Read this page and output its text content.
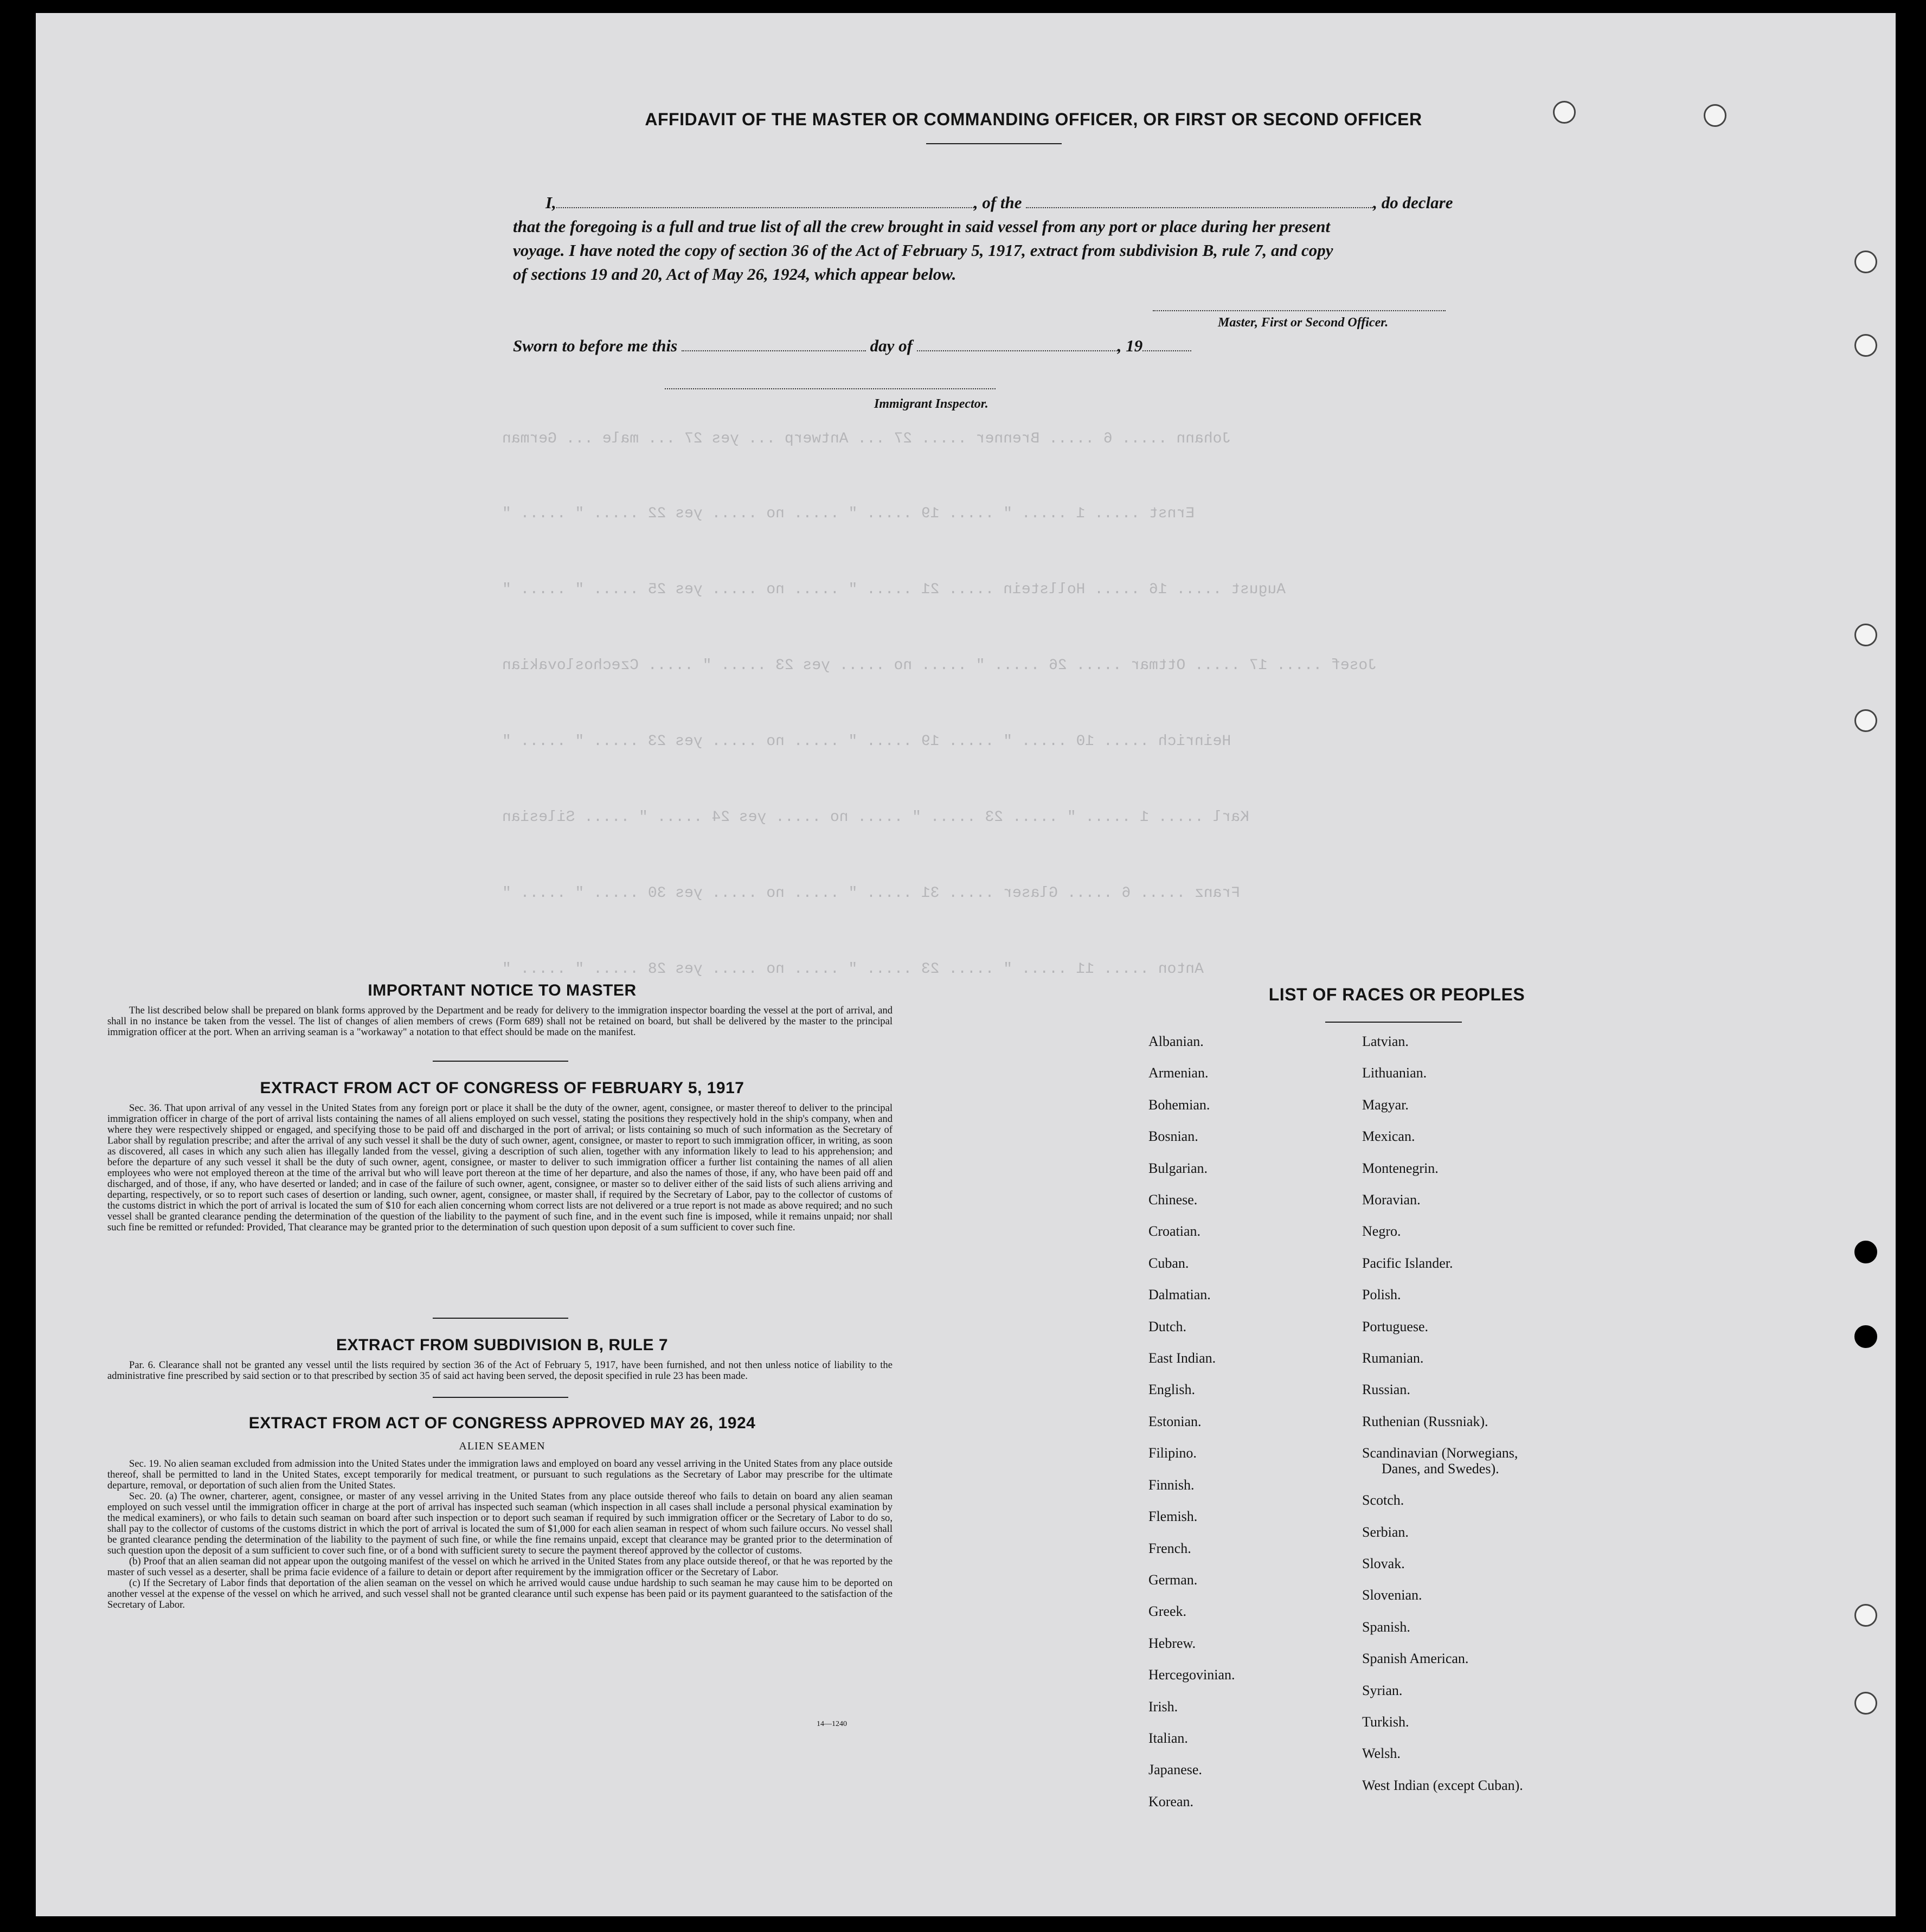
Johann ..... 6 ..... Brenner ..... 27 ... Antwerp ... yes 27 ... male ... German
Ernst ..... 1 ..... " ..... 19 ..... " ..... no ..... yes 22 ..... " ..... "
August ..... 16 ..... Hollstein ..... 21 ..... " ..... no ..... yes 25 ..... " ..... "
Josef ..... 17 ..... Ottmar ..... 26 ..... " ..... no ..... yes 23 ..... " ..... Czechoslovakian
Heinrich ..... 10 ..... " ..... 19 ..... " ..... no ..... yes 23 ..... " ..... "
Karl ..... 1 ..... " ..... 23 ..... " ..... no ..... yes 24 ..... " ..... Silesian
Franz ..... 6 ..... Glaser ..... 31 ..... " ..... no ..... yes 30 ..... " ..... "
Anton ..... 11 ..... " ..... 23 ..... " ..... no ..... yes 28 ..... " ..... "
AFFIDAVIT OF THE MASTER OR COMMANDING OFFICER, OR FIRST OR SECOND OFFICER
I,	, of the	, do declare
that the foregoing is a full and true list of all the crew brought in said vessel from any port or place during her present
voyage. I have noted the copy of section 36 of the Act of February 5, 1917, extract from subdivision B, rule 7, and copy
of sections 19 and 20, Act of May 26, 1924, which appear below.
Master, First or Second Officer.
Sworn to before me this	day of	, 19
Immigrant Inspector.
IMPORTANT NOTICE TO MASTER

The list described below shall be prepared on blank forms approved by the Department and be ready for delivery to the immigration inspector boarding the vessel at the port of arrival, and shall in no instance be taken from the vessel. The list of changes of alien members of crews (Form 689) shall not be retained on board, but shall be delivered by the master to the principal immigration officer at the port. When an arriving seaman is a "workaway" a notation to that effect should be made on the manifest.

EXTRACT FROM ACT OF CONGRESS OF FEBRUARY 5, 1917

Sec. 36. That upon arrival of any vessel in the United States from any foreign port or place it shall be the duty of the owner, agent, consignee, or master thereof to deliver to the principal immigration officer in charge of the port of arrival lists containing the names of all aliens employed on such vessel, stating the positions they respectively hold in the ship's company, when and where they were respectively shipped or engaged, and specifying those to be paid off and discharged in the port of arrival; or lists containing so much of such information as the Secretary of Labor shall by regulation prescribe; and after the arrival of any such vessel it shall be the duty of such owner, agent, consignee, or master to report to such immigration officer, in writing, as soon as discovered, all cases in which any such alien has illegally landed from the vessel, giving a description of such alien, together with any information likely to lead to his apprehension; and before the departure of any such vessel it shall be the duty of such owner, agent, consignee, or master to deliver to such immigration officer a further list containing the names of all alien employees who were not employed thereon at the time of the arrival but who will leave port thereon at the time of her departure, and also the names of those, if any, who have been paid off and discharged, and of those, if any, who have deserted or landed; and in case of the failure of such owner, agent, consignee, or master so to deliver either of the said lists of such aliens arriving and departing, respectively, or so to report such cases of desertion or landing, such owner, agent, consignee, or master shall, if required by the Secretary of Labor, pay to the collector of customs of the customs district in which the port of arrival is located the sum of $10 for each alien concerning whom correct lists are not delivered or a true report is not made as above required; and no such vessel shall be granted clearance pending the determination of the question of the liability to the payment of such fine, and in the event such fine is imposed, while it remains unpaid; nor shall such fine be remitted or refunded: Provided, That clearance may be granted prior to the determination of such question upon deposit of a sum sufficient to cover such fine.

EXTRACT FROM SUBDIVISION B, RULE 7

Par. 6. Clearance shall not be granted any vessel until the lists required by section 36 of the Act of February 5, 1917, have been furnished, and not then unless notice of liability to the administrative fine prescribed by said section or to that prescribed by section 35 of said act having been served, the deposit specified in rule 23 has been made.

EXTRACT FROM ACT OF CONGRESS APPROVED MAY 26, 1924
ALIEN SEAMEN

Sec. 19. No alien seaman excluded from admission into the United States under the immigration laws and employed on board any vessel arriving in the United States from any place outside thereof, shall be permitted to land in the United States, except temporarily for medical treatment, or pursuant to such regulations as the Secretary of Labor may prescribe for the ultimate departure, removal, or deportation of such alien from the United States.

Sec. 20. (a) The owner, charterer, agent, consignee, or master of any vessel arriving in the United States from any place outside thereof who fails to detain on board any alien seaman employed on such vessel until the immigration officer in charge at the port of arrival has inspected such seaman (which inspection in all cases shall include a personal physical examination by the medical examiners), or who fails to detain such seaman on board after such inspection or to deport such seaman if required by such immigration officer or the Secretary of Labor to do so, shall pay to the collector of customs of the customs district in which the port of arrival is located the sum of $1,000 for each alien seaman in respect of whom such failure occurs. No vessel shall be granted clearance pending the determination of the liability to the payment of such fine, or while the fine remains unpaid, except that clearance may be granted prior to the determination of such question upon the deposit of a sum sufficient to cover such fine, or of a bond with sufficient surety to secure the payment thereof approved by the collector of customs.

(b) Proof that an alien seaman did not appear upon the outgoing manifest of the vessel on which he arrived in the United States from any place outside thereof, or that he was reported by the master of such vessel as a deserter, shall be prima facie evidence of a failure to detain or deport after requirement by the immigration officer or the Secretary of Labor.

(c) If the Secretary of Labor finds that deportation of the alien seaman on the vessel on which he arrived would cause undue hardship to such seaman he may cause him to be deported on another vessel at the expense of the vessel on which he arrived, and such vessel shall not be granted clearance until such expense has been paid or its payment guaranteed to the satisfaction of the Secretary of Labor.

14—1240
LIST OF RACES OR PEOPLES
Albanian.
Armenian.
Bohemian.
Bosnian.
Bulgarian.
Chinese.
Croatian.
Cuban.
Dalmatian.
Dutch.
East Indian.
English.
Estonian.
Filipino.
Finnish.
Flemish.
French.
German.
Greek.
Hebrew.
Hercegovinian.
Irish.
Italian.
Japanese.
Korean.
Latvian.
Lithuanian.
Magyar.
Mexican.
Montenegrin.
Moravian.
Negro.
Pacific Islander.
Polish.
Portuguese.
Rumanian.
Russian.
Ruthenian (Russniak).
Scandinavian (Norwegians,
Danes, and Swedes).
Scotch.
Serbian.
Slovak.
Slovenian.
Spanish.
Spanish American.
Syrian.
Turkish.
Welsh.
West Indian (except Cuban).
